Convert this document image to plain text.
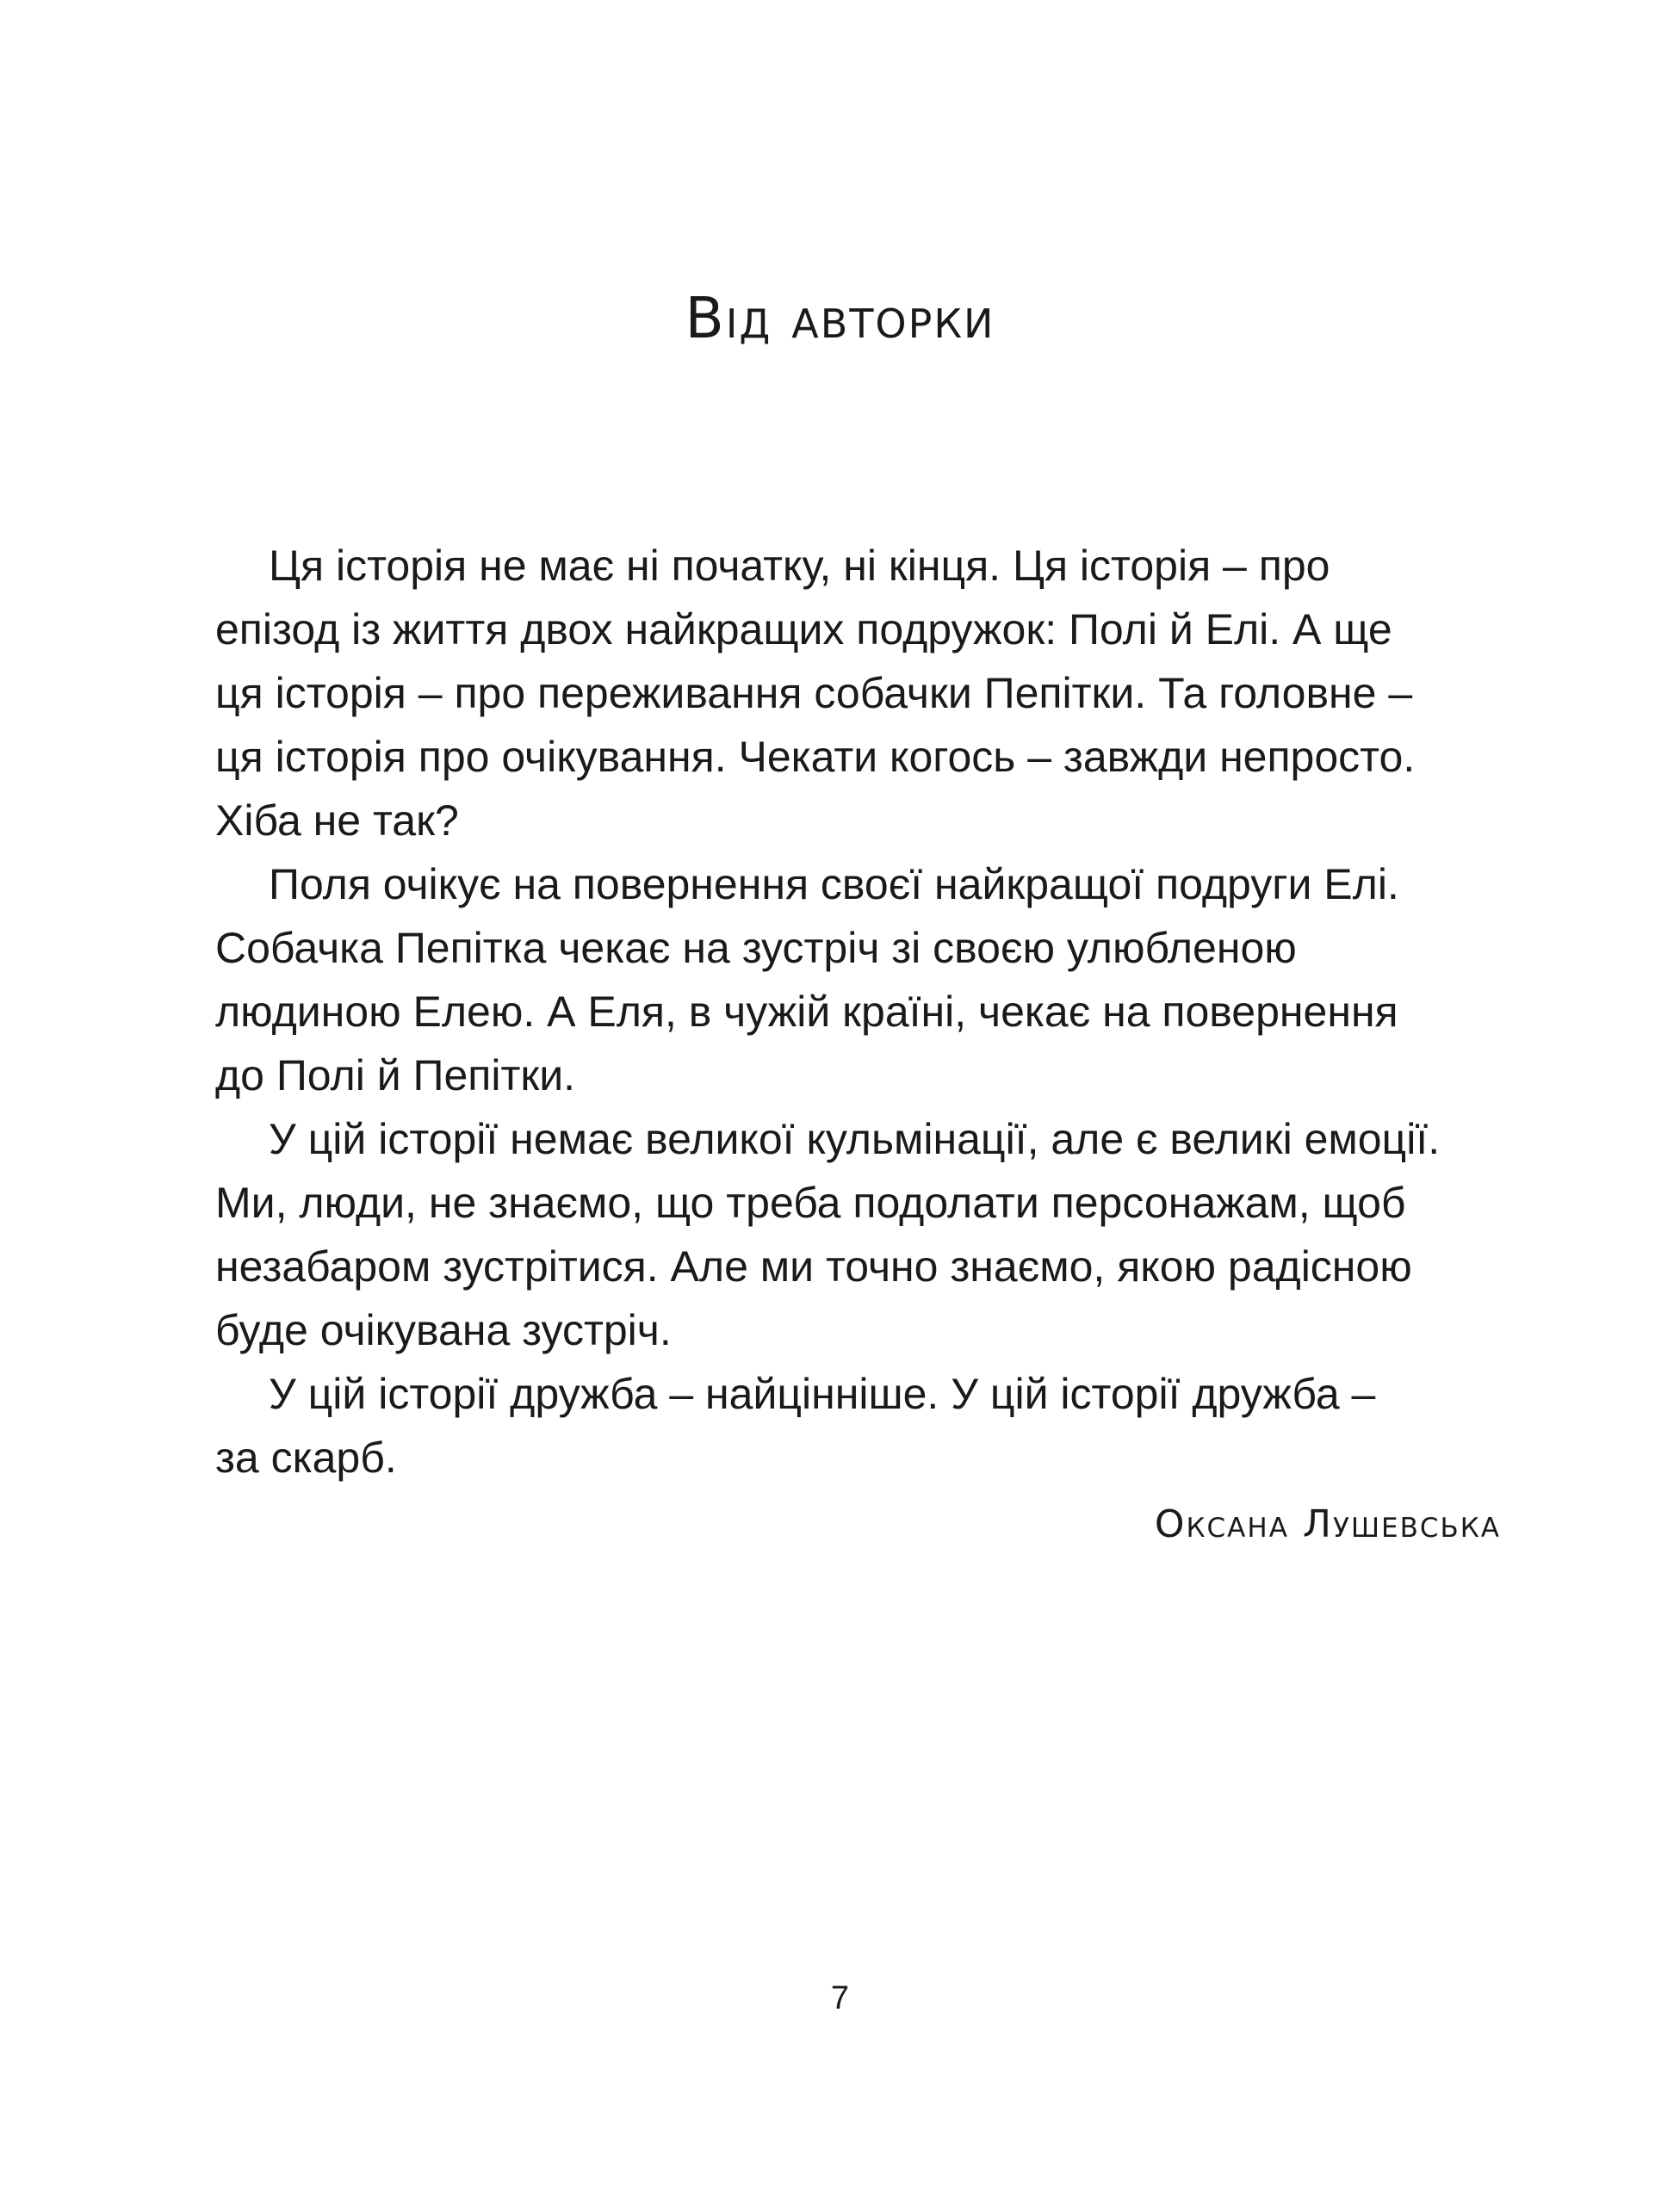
Від авторки

Ця історія не має ні початку, ні кінця. Ця історія – про
епізод із життя двох найкращих подружок: Полі й Елі. А ще
ця історія – про переживання собачки Пепітки. Та головне –
ця історія про очікування. Чекати когось – завжди непросто.
Хіба не так?

Поля очікує на повернення своєї найкращої подруги Елі.
Собачка Пепітка чекає на зустріч зі своєю улюбленою
людиною Елею. А Еля, в чужій країні, чекає на повернення
до Полі й Пепітки.

У цій історії немає великої кульмінації, але є великі емоції.
Ми, люди, не знаємо, що треба подолати персонажам, щоб
незабаром зустрітися. Але ми точно знаємо, якою радісною
буде очікувана зустріч.

У цій історії дружба – найцінніше. У цій історії дружба –
за скарб.

Оксана Лушевська
7
